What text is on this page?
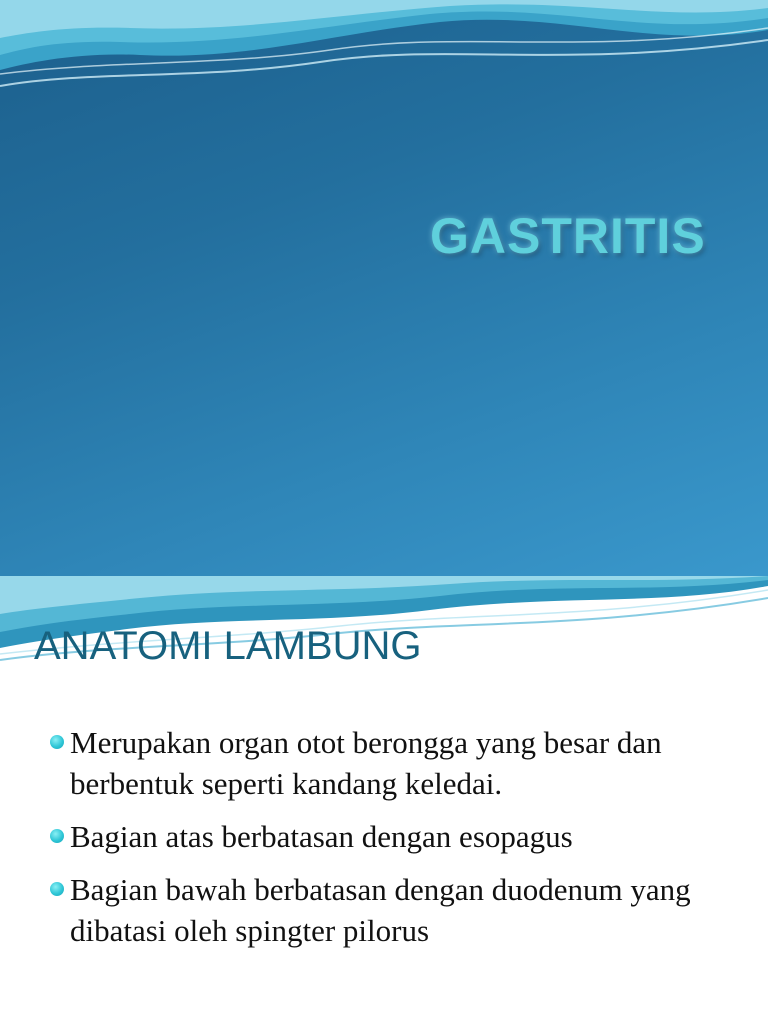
GASTRITIS
ANATOMI LAMBUNG
Merupakan organ otot berongga yang besar dan berbentuk seperti kandang keledai.
Bagian atas berbatasan dengan esopagus
Bagian bawah berbatasan dengan duodenum yang dibatasi oleh spingter pilorus
